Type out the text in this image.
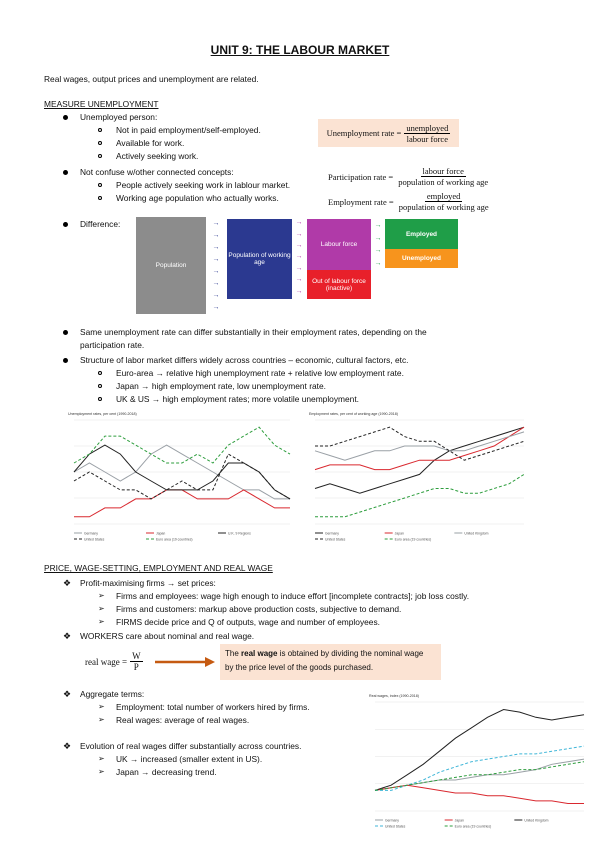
UNIT 9: THE LABOUR MARKET
Real wages, output prices and unemployment are related.
MEASURE UNEMPLOYMENT
Unemployed person:
Not in paid employment/self-employed.
Available for work.
Actively seeking work.
Unemployment rate = $\frac{\text{unemployed}}{\text{labour force}}$
Not confuse w/other connected concepts:
People actively seeking work in lablour market.
Working age population who actually works.
Participation rate = $\frac{\text{labour force}}{\text{population of working age}}$
Employment rate = $\frac{\text{employed}}{\text{population of working age}}$
Difference:
Population
→
→
→
→
→
→
→
→
Population of working age
→
→
→
→
→
→
→
Labour force
Out of labour force (inactive)
→
→
→
→
Employed
Unemployed
Same unemployment rate can differ substantially in their employment rates, depending on the
participation rate.
Structure of labor market differs widely across countries – economic, cultural factors, etc.
Euro-area → relative high unemployment rate + relative low employment rate.
Japan → high employment rate, low unemployment rate.
UK & US → high employment rates; more volatile unemployment.
Unemployment rates, per cent (1990-2018)
Germany	Japan	U.K. 9 Regions
United States	Euro area (19 countries)
Employment rates, per cent of working age (1990-2018)
Germany	Japan	United Kingdom
United States	Euro area (19 countries)
PRICE, WAGE-SETTING, EMPLOYMENT AND REAL WAGE
❖ Profit-maximising firms → set prices:
➢ Firms and employees: wage high enough to induce effort [incomplete contracts]; job loss costly.
➢ Firms and customers: markup above production costs, subjective to demand.
➢ FIRMS decide price and Q of outputs, wage and number of employees.
❖ WORKERS care about nominal and real wage.
real wage = $\frac{W}{P}$	The real wage is obtained by dividing the nominal wage
by the price level of the goods purchased.
❖ Aggregate terms:
➢ Employment: total number of workers hired by firms.
➢ Real wages: average of real wages.
❖ Evolution of real wages differ substantially across countries.
➢ UK → increased (smaller extent in US).
➢ Japan → decreasing trend.
Real wages, index (1990-2018)
Germany	Japan	United Kingdom
United States	Euro area (19 countries)
